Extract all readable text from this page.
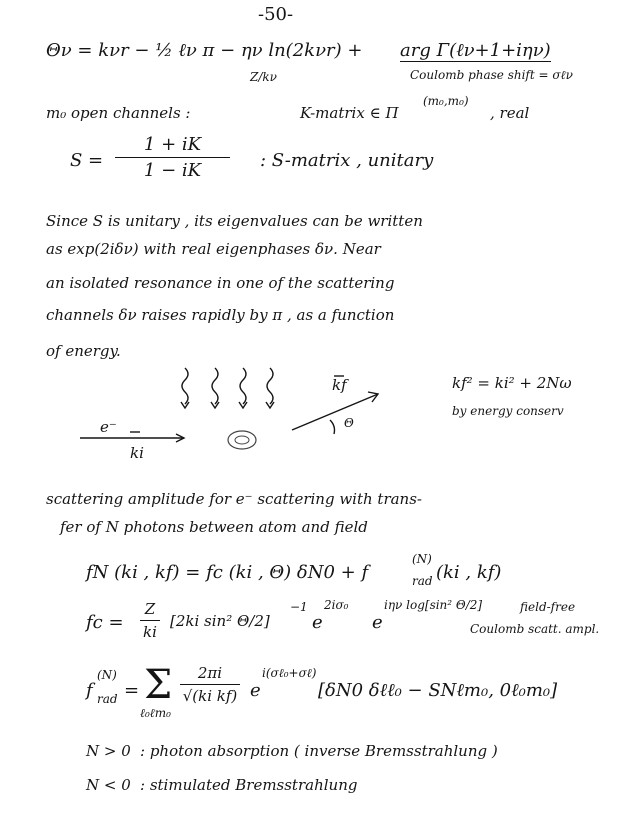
-50-
Θν = kνr − ½ ℓν π − ην ln(2kνr) + arg Γ(ℓν+1+iην)
Z/kν	Coulomb phase shift = σℓν
m₀ open channels :	K-matrix ∈ Π
(m₀,m₀)
, real
S =
1 + iK
1 − iK	: S-matrix , unitary
Since S is unitary , its eigenvalues can be written
as exp(2iδν) with real eigenphases δν. Near
an isolated resonance in one of the scattering
channels δν raises rapidly by π , as a function
of energy.
kf
Θ
e⁻
ki
kf² = ki² + 2Nω
by energy conserv
scattering amplitude for e⁻ scattering with trans-
fer of N photons between atom and field
fN (ki , kf) = fc (ki , Θ) δN0 + f
(N)
rad (ki , kf)
fc =
Z
ki
[2ki sin² Θ/2]
−1
e
2iσ₀
e
iην log[sin² Θ/2]	field-free
Coulomb scatt. ampl.
f
(N)
rad = Σ
ℓ₀ℓm₀
2πi
√(ki kf) e
i(σℓ₀+σℓ)
[δN0 δℓℓ₀ − SNℓm₀, 0ℓ₀m₀]
N > 0 : photon absorption ( inverse Bremsstrahlung )
N < 0 : stimulated Bremsstrahlung
